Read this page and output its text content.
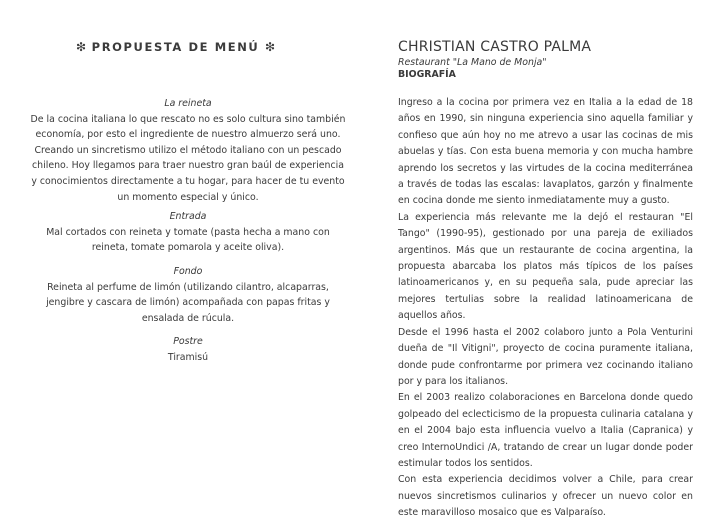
❇ PROPUESTA DE MENÚ ❇

La reineta

De la cocina italiana lo que rescato no es solo cultura sino también economía, por esto el ingrediente de nuestro almuerzo será uno. Creando un sincretismo utilizo el método italiano con un pescado chileno. Hoy llegamos para traer nuestro gran baúl de experiencia y conocimientos directamente a tu hogar, para hacer de tu evento un momento especial y único.

Entrada

Mal cortados con reineta y tomate (pasta hecha a mano con reineta, tomate pomarola y aceite oliva).

Fondo

Reineta al perfume de limón (utilizando cilantro, alcaparras, jengibre y cascara de limón) acompañada con papas fritas y ensalada de rúcula.

Postre

Tiramisú

CHRISTIAN CASTRO PALMA
Restaurant "La Mano de Monja"
BIOGRAFÍA

Ingreso a la cocina por primera vez en Italia a la edad de 18 años en 1990, sin ninguna experiencia sino aquella familiar y confieso que aún hoy no me atrevo a usar las cocinas de mis abuelas y tías. Con esta buena memoria y con mucha hambre aprendo los secretos y las virtudes de la cocina mediterránea a través de todas las escalas: lavaplatos, garzón y finalmente en cocina donde me siento inmediatamente muy a gusto.

La experiencia más relevante me la dejó el restauran "El Tango" (1990-95), gestionado por una pareja de exiliados argentinos. Más que un restaurante de cocina argentina, la propuesta abarcaba los platos más típicos de los países latinoamericanos y, en su pequeña sala, pude apreciar las mejores tertulias sobre la realidad latinoamericana de aquellos años.

Desde el 1996 hasta el 2002 colaboro junto a Pola Venturini dueña de "Il Vitigni", proyecto de cocina puramente italiana, donde pude confrontarme por primera vez cocinando italiano por y para los italianos.

En el 2003 realizo colaboraciones en Barcelona donde quedo golpeado del eclecticismo de la propuesta culinaria catalana y en el 2004 bajo esta influencia vuelvo a Italia (Capranica) y creo InternoUndici /A, tratando de crear un lugar donde poder estimular todos los sentidos.

Con esta experiencia decidimos volver a Chile, para crear nuevos sincretismos culinarios y ofrecer un nuevo color en este maravilloso mosaico que es Valparaíso.
